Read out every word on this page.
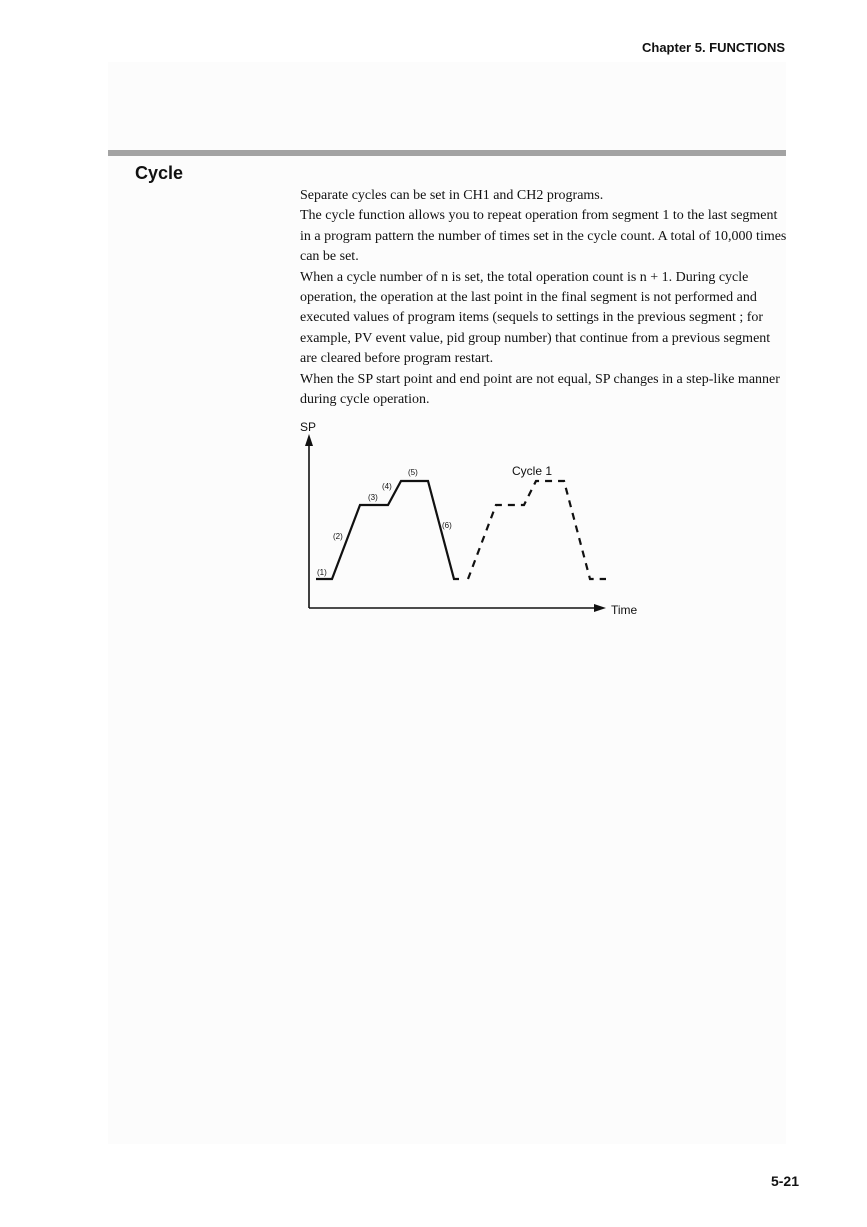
Chapter 5. FUNCTIONS
Cycle

Separate cycles can be set in CH1 and CH2 programs.

The cycle function allows you to repeat operation from segment 1 to the last segment in a program pattern the number of times set in the cycle count. A total of 10,000 times can be set.

When a cycle number of n is set, the total operation count is n + 1. During cycle operation, the operation at the last point in the final segment is not performed and executed values of program items (sequels to settings in the previous segment ; for example, PV event value, pid group number) that continue from a previous segment are cleared before program restart.

When the SP start point and end point are not equal, SP changes in a step-like manner during cycle operation.

SP
Time
Cycle 1
(1)
(2)
(3)
(4)
(5)
(6)
5-21
